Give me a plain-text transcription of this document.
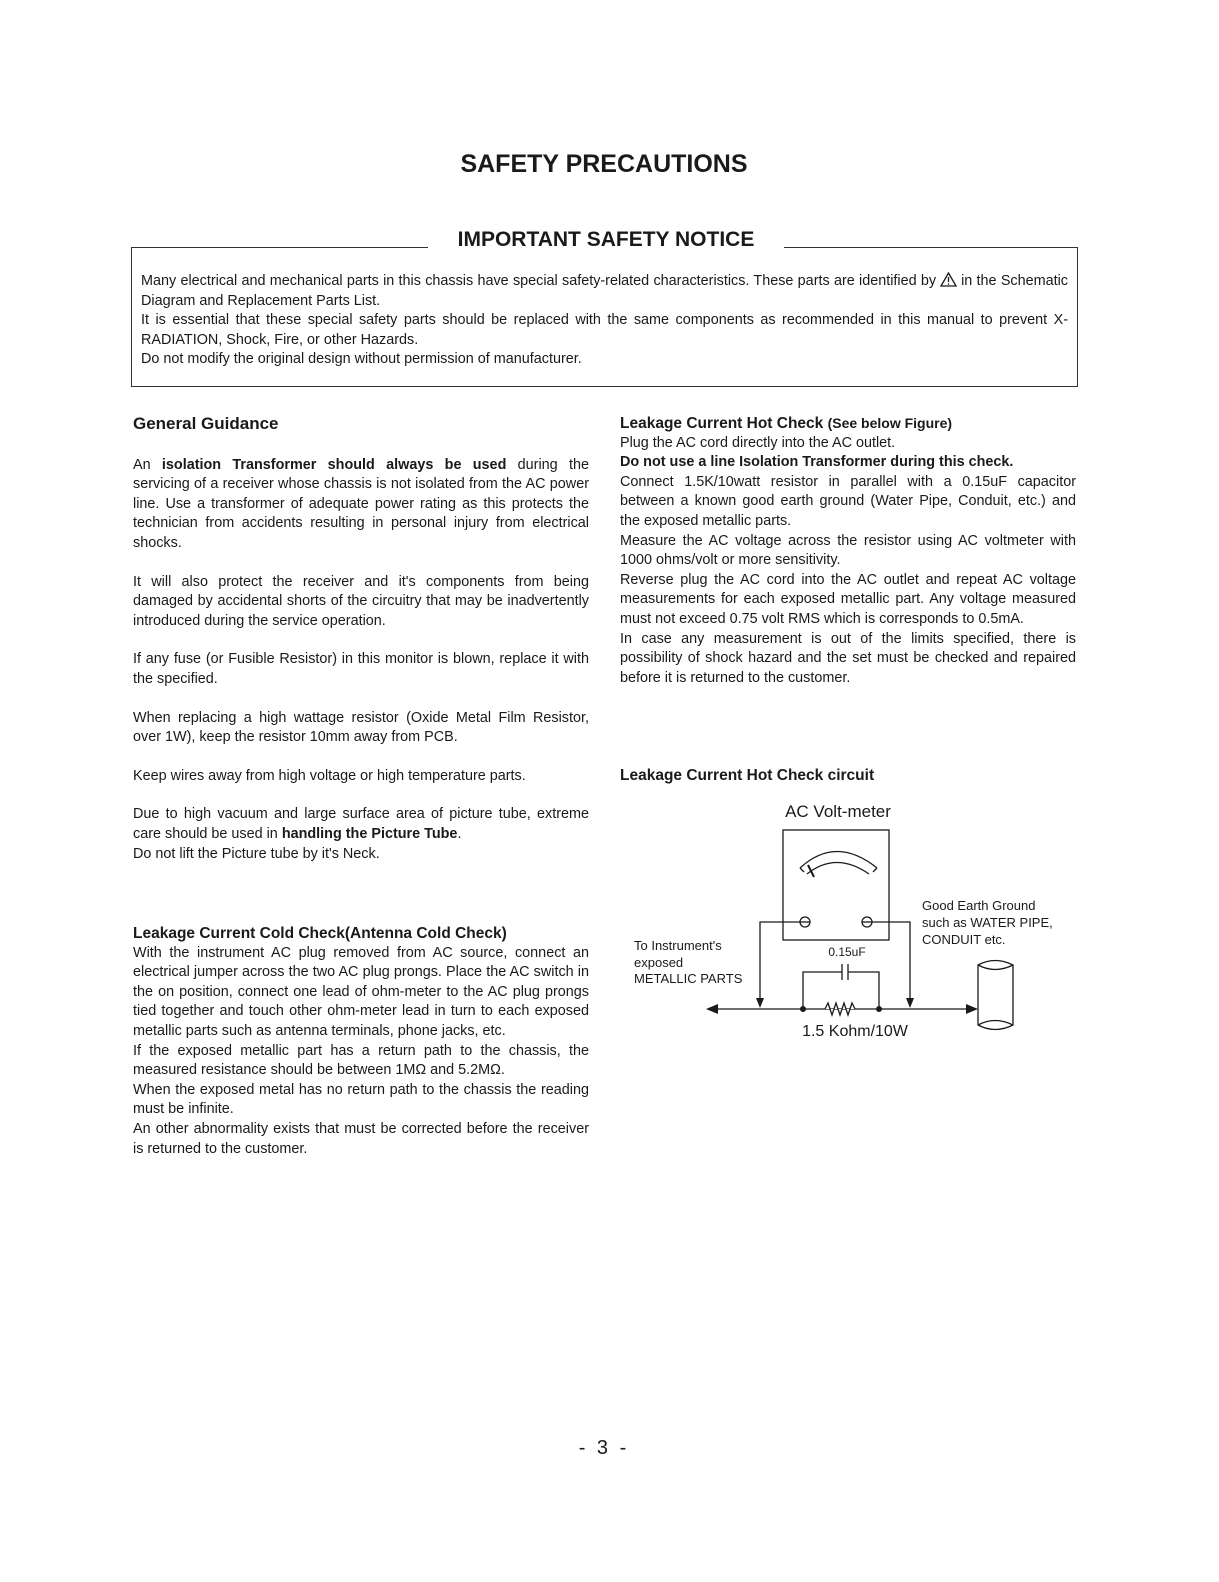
SAFETY PRECAUTIONS
IMPORTANT SAFETY NOTICE
Many electrical and mechanical parts in this chassis have special safety-related characteristics. These parts are identified by in the Schematic Diagram and Replacement Parts List.
It is essential that these special safety parts should be replaced with the same components as recommended in this manual to prevent X-RADIATION, Shock, Fire, or other Hazards.
Do not modify the original design without permission of manufacturer.
General Guidance

An isolation Transformer should always be used during the servicing of a receiver whose chassis is not isolated from the AC power line. Use a transformer of adequate power rating as this protects the technician from accidents resulting in personal injury from electrical shocks.

It will also protect the receiver and it's components from being damaged by accidental shorts of the circuitry that may be inadvertently introduced during the service operation.

If any fuse (or Fusible Resistor) in this monitor is blown, replace it with the specified.

When replacing a high wattage resistor (Oxide Metal Film Resistor, over 1W), keep the resistor 10mm away from PCB.

Keep wires away from high voltage or high temperature parts.

Due to high vacuum and large surface area of picture tube, extreme care should be used in handling the Picture Tube.

Do not lift the Picture tube by it's Neck.

Leakage Current Cold Check(Antenna Cold Check)

With the instrument AC plug removed from AC source, connect an electrical jumper across the two AC plug prongs. Place the AC switch in the on position, connect one lead of ohm-meter to the AC plug prongs tied together and touch other ohm-meter lead in turn to each exposed metallic parts such as antenna terminals, phone jacks, etc.

If the exposed metallic part has a return path to the chassis, the measured resistance should be between 1MΩ and 5.2MΩ.

When the exposed metal has no return path to the chassis the reading must be infinite.

An other abnormality exists that must be corrected before the receiver is returned to the customer.

Leakage Current Hot Check (See below Figure)

Plug the AC cord directly into the AC outlet.

Do not use a line Isolation Transformer during this check.

Connect 1.5K/10watt resistor in parallel with a 0.15uF capacitor between a known good earth ground (Water Pipe, Conduit, etc.) and the exposed metallic parts.

Measure the AC voltage across the resistor using AC voltmeter with 1000 ohms/volt or more sensitivity.

Reverse plug the AC cord into the AC outlet and repeat AC voltage measurements for each exposed metallic part. Any voltage measured must not exceed 0.75 volt RMS which is corresponds to 0.5mA.

In case any measurement is out of the limits specified, there is possibility of shock hazard and the set must be checked and repaired before it is returned to the customer.

Leakage Current Hot Check circuit
AC Volt-meter
To Instrument's
exposed
METALLIC PARTS
Good Earth Ground
such as WATER PIPE,
CONDUIT etc.
0.15uF
1.5 Kohm/10W
- 3 -
